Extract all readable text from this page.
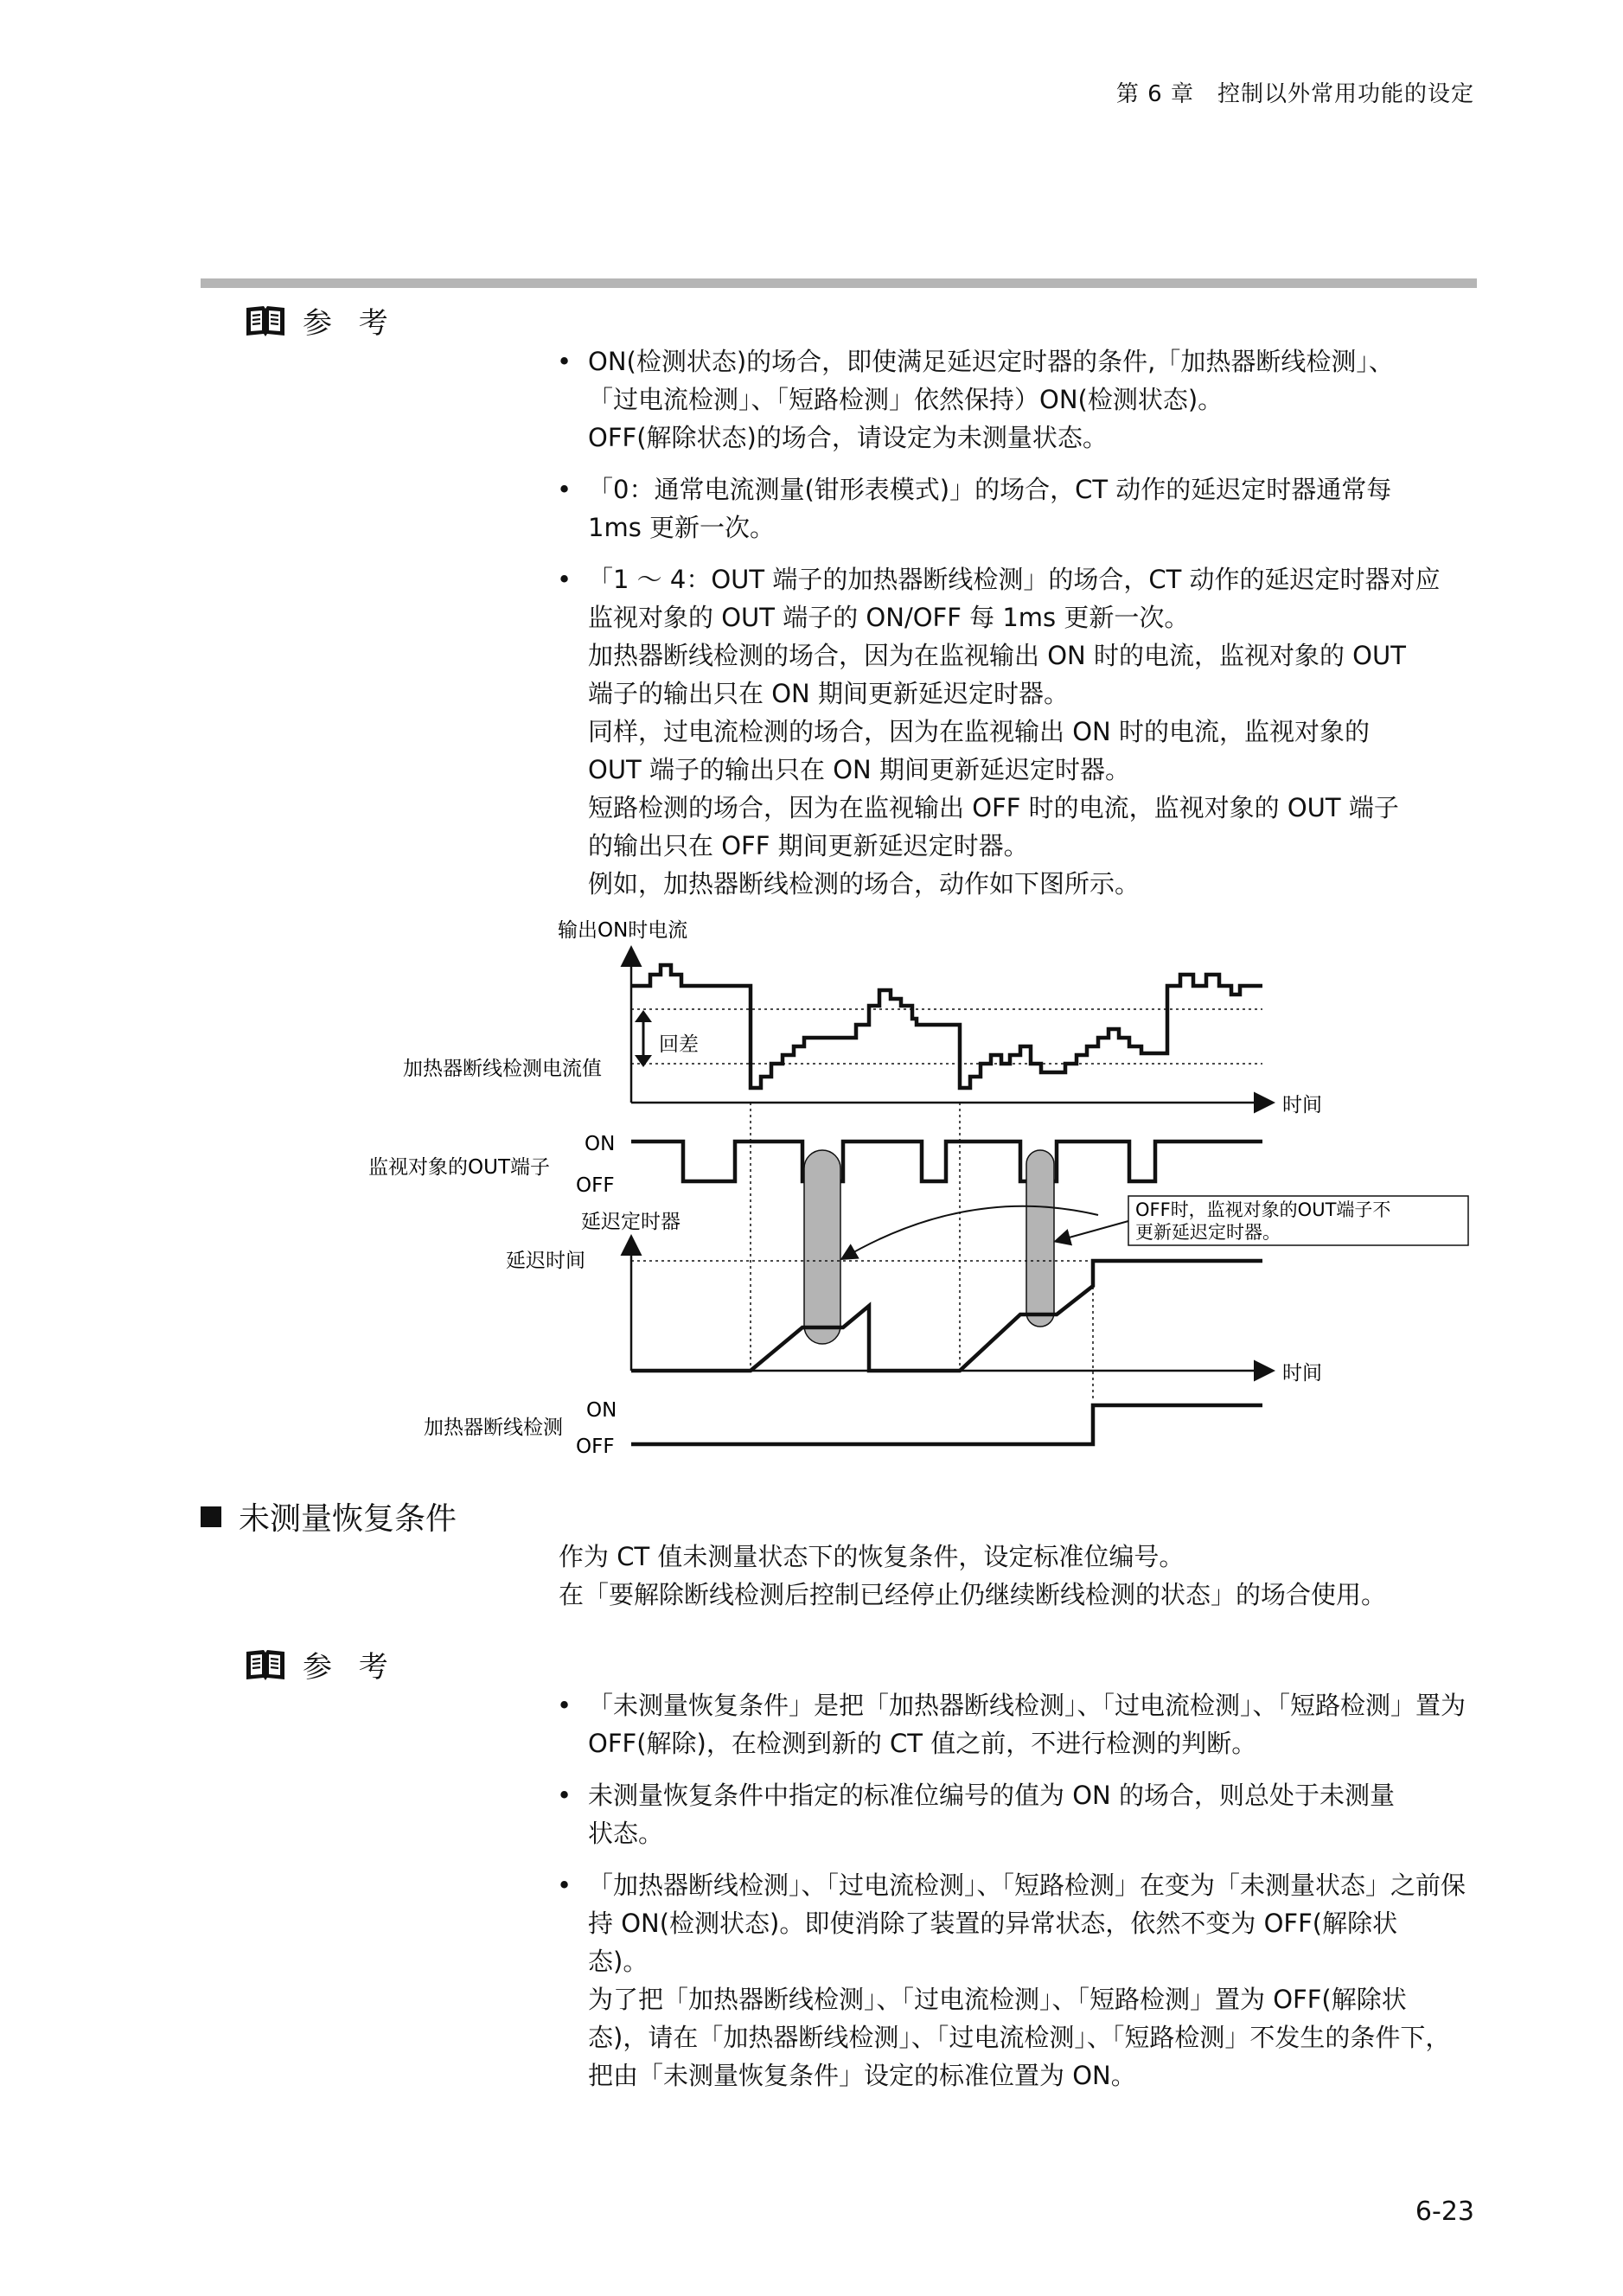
第 6 章　控制以外常用功能的设定
参 考
• ON(检测状态)的场合，即使满足延迟定时器的条件,「加热器断线检测」、
「过电流检测」、「短路检测」依然保持）ON(检测状态)。
OFF(解除状态)的场合，请设定为未测量状态。
• 「0：通常电流测量(钳形表模式)」的场合，CT 动作的延迟定时器通常每
1ms 更新一次。
• 「1 ～ 4：OUT 端子的加热器断线检测」的场合，CT 动作的延迟定时器对应
监视对象的 OUT 端子的 ON/OFF 每 1ms 更新一次。
加热器断线检测的场合，因为在监视输出 ON 时的电流，监视对象的 OUT
端子的输出只在 ON 期间更新延迟定时器。
同样，过电流检测的场合，因为在监视输出 ON 时的电流，监视对象的
OUT 端子的输出只在 ON 期间更新延迟定时器。
短路检测的场合，因为在监视输出 OFF 时的电流，监视对象的 OUT 端子
的输出只在 OFF 期间更新延迟定时器。
例如，加热器断线检测的场合，动作如下图所示。
输出ON时电流
时间
回差
加热器断线检测电流值
监视对象的OUT端子
ON
OFF
OFF时，监视对象的OUT端子不
更新延迟定时器。
延迟定时器
延迟时间
时间
加热器断线检测
ON
OFF
未测量恢复条件
作为 CT 值未测量状态下的恢复条件，设定标准位编号。
在「要解除断线检测后控制已经停止仍继续断线检测的状态」的场合使用。
参 考
• 「未测量恢复条件」是把「加热器断线检测」、「过电流检测」、「短路检测」置为
OFF(解除)，在检测到新的 CT 值之前，不进行检测的判断。
• 未测量恢复条件中指定的标准位编号的值为 ON 的场合，则总处于未测量
状态。
• 「加热器断线检测」、「过电流检测」、「短路检测」在变为「未测量状态」之前保
持 ON(检测状态)。即使消除了装置的异常状态，依然不变为 OFF(解除状
态)。
为了把「加热器断线检测」、「过电流检测」、「短路检测」置为 OFF(解除状
态)，请在「加热器断线检测」、「过电流检测」、「短路检测」不发生的条件下，
把由「未测量恢复条件」设定的标准位置为 ON。
6-23
